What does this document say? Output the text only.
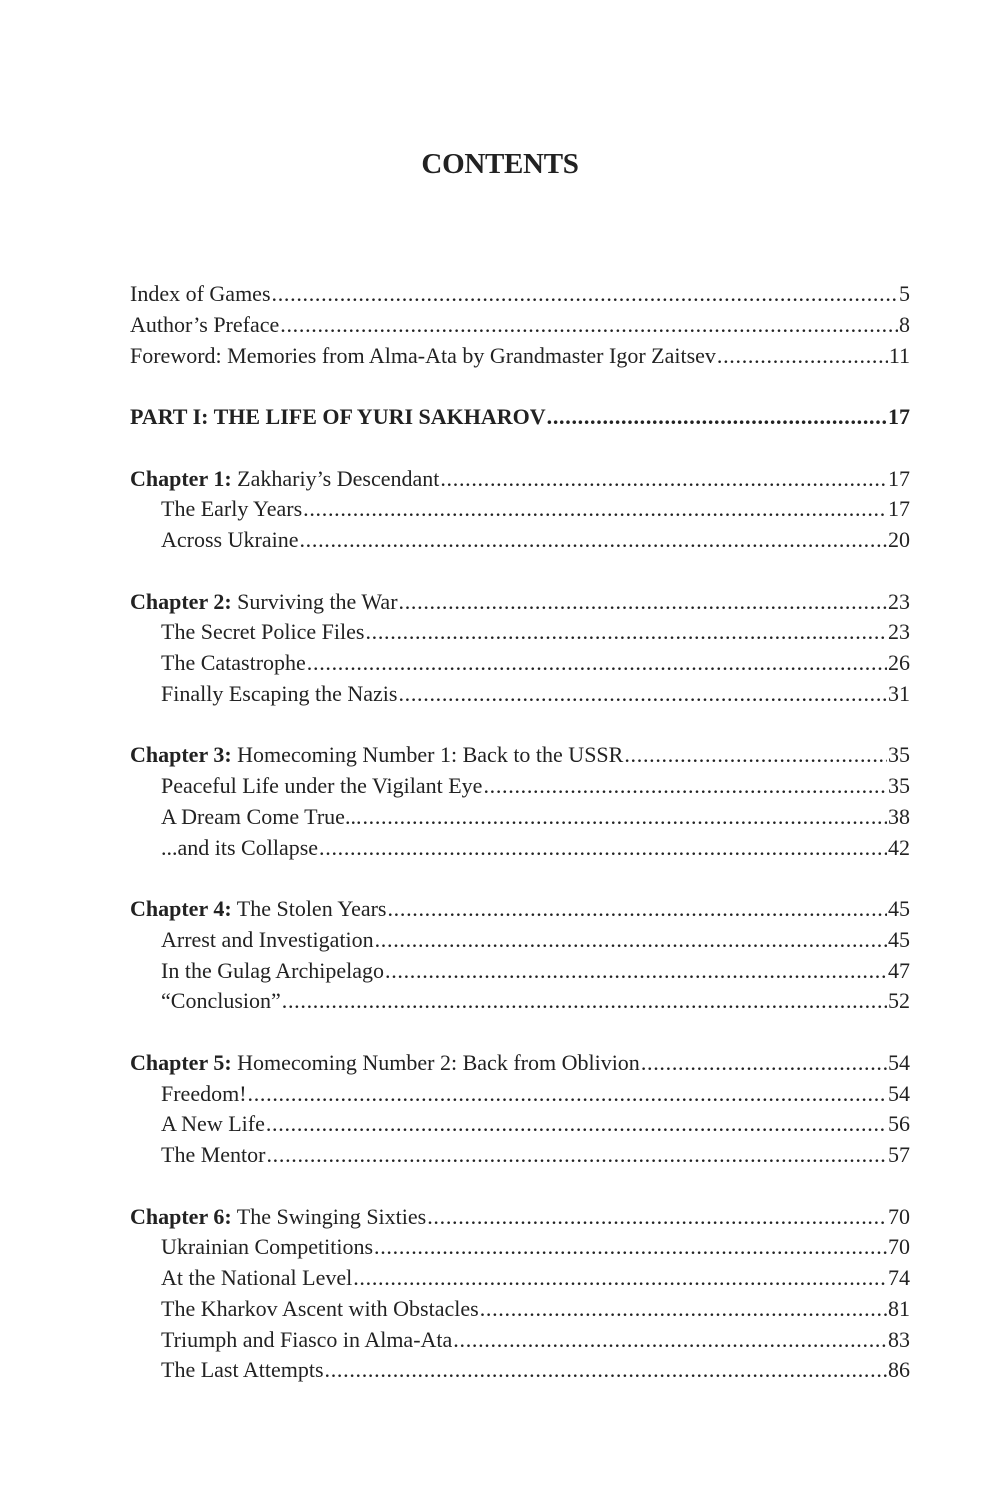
CONTENTS
Index of Games . . .	5
Author’s Preface . . .	8
Foreword: Memories from Alma-Ata by Grandmaster Igor Zaitsev . . .	11
PART I: THE LIFE OF YURI SAKHAROV . . .	17
Chapter 1: Zakhariy’s Descendant . . .	17
The Early Years . . .	17
Across Ukraine . . .	20
Chapter 2: Surviving the War . . .	23
The Secret Police Files . . .	23
The Catastrophe . . .	26
Finally Escaping the Nazis . . .	31
Chapter 3: Homecoming Number 1: Back to the USSR . . .	35
Peaceful Life under the Vigilant Eye . . .	35
A Dream Come True... . . .	38
...and its Collapse . . .	42
Chapter 4: The Stolen Years . . .	45
Arrest and Investigation . . .	45
In the Gulag Archipelago . . .	47
“Conclusion” . . .	52
Chapter 5: Homecoming Number 2: Back from Oblivion . . .	54
Freedom! . . .	54
A New Life . . .	56
The Mentor . . .	57
Chapter 6: The Swinging Sixties . . .	70
Ukrainian Competitions . . .	70
At the National Level . . .	74
The Kharkov Ascent with Obstacles . . .	81
Triumph and Fiasco in Alma-Ata . . .	83
The Last Attempts . . .	86
